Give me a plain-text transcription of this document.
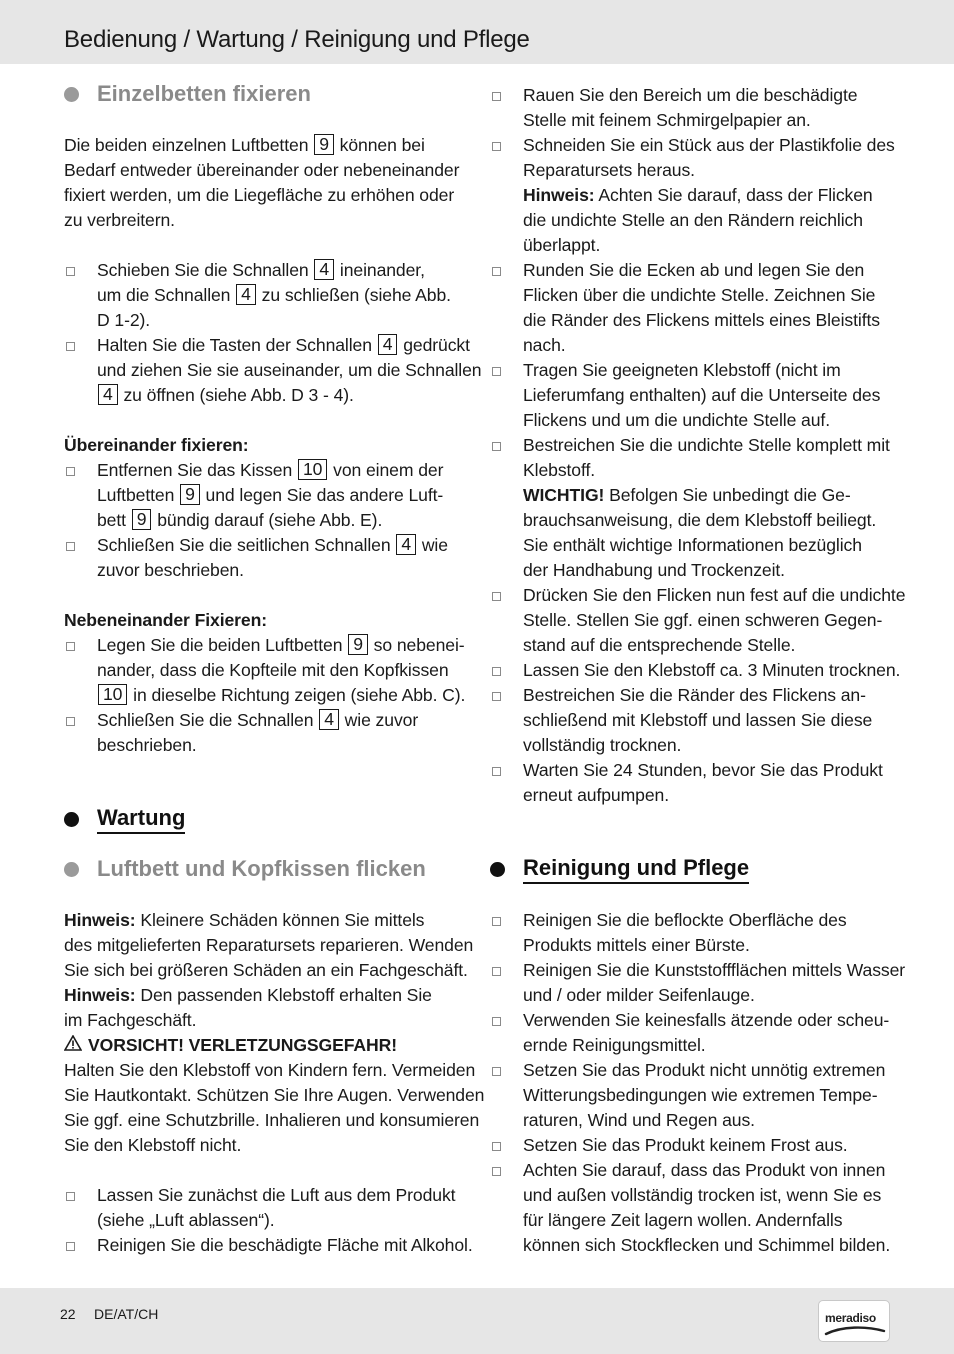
Bedienung / Wartung / Reinigung und Pflege
Einzelbetten fixieren
Die beiden einzelnen Luftbetten 9 können bei
Bedarf entweder übereinander oder nebeneinander
fixiert werden, um die Liegefläche zu erhöhen oder
zu verbreitern.
Schieben Sie die Schnallen 4 ineinander,
um die Schnallen 4 zu schließen (siehe Abb.
D 1-2).
Halten Sie die Tasten der Schnallen 4 gedrückt
und ziehen Sie sie auseinander, um die Schnallen
4 zu öffnen (siehe Abb. D 3 - 4).
Übereinander fixieren:
Entfernen Sie das Kissen 10 von einem der
Luftbetten 9 und legen Sie das andere Luft-
bett 9 bündig darauf (siehe Abb. E).
Schließen Sie die seitlichen Schnallen 4 wie
zuvor beschrieben.
Nebeneinander Fixieren:
Legen Sie die beiden Luftbetten 9 so nebenei-
nander, dass die Kopfteile mit den Kopfkissen
10 in dieselbe Richtung zeigen (siehe Abb. C).
Schließen Sie die Schnallen 4 wie zuvor
beschrieben.
Wartung
Luftbett und Kopfkissen flicken
Hinweis: Kleinere Schäden können Sie mittels
des mitgelieferten Reparatursets reparieren. Wenden
Sie sich bei größeren Schäden an ein Fachgeschäft.
Hinweis: Den passenden Klebstoff erhalten Sie
im Fachgeschäft.
VORSICHT! VERLETZUNGSGEFAHR!
Halten Sie den Klebstoff von Kindern fern. Vermeiden
Sie Hautkontakt. Schützen Sie Ihre Augen. Verwenden
Sie ggf. eine Schutzbrille. Inhalieren und konsumieren
Sie den Klebstoff nicht.
Lassen Sie zunächst die Luft aus dem Produkt
(siehe „Luft ablassen“).
Reinigen Sie die beschädigte Fläche mit Alkohol.
Rauen Sie den Bereich um die beschädigte
Stelle mit feinem Schmirgelpapier an.
Schneiden Sie ein Stück aus der Plastikfolie des
Reparatursets heraus.
Hinweis: Achten Sie darauf, dass der Flicken
die undichte Stelle an den Rändern reichlich
überlappt.
Runden Sie die Ecken ab und legen Sie den
Flicken über die undichte Stelle. Zeichnen Sie
die Ränder des Flickens mittels eines Bleistifts
nach.
Tragen Sie geeigneten Klebstoff (nicht im
Lieferumfang enthalten) auf die Unterseite des
Flickens und um die undichte Stelle auf.
Bestreichen Sie die undichte Stelle komplett mit
Klebstoff.
WICHTIG! Befolgen Sie unbedingt die Ge-
brauchsanweisung, die dem Klebstoff beiliegt.
Sie enthält wichtige Informationen bezüglich
der Handhabung und Trockenzeit.
Drücken Sie den Flicken nun fest auf die undichte
Stelle. Stellen Sie ggf. einen schweren Gegen-
stand auf die entsprechende Stelle.
Lassen Sie den Klebstoff ca. 3 Minuten trocknen.
Bestreichen Sie die Ränder des Flickens an-
schließend mit Klebstoff und lassen Sie diese
vollständig trocknen.
Warten Sie 24 Stunden, bevor Sie das Produkt
erneut aufpumpen.
Reinigung und Pflege
Reinigen Sie die beflockte Oberfläche des
Produkts mittels einer Bürste.
Reinigen Sie die Kunststoffflächen mittels Wasser
und / oder milder Seifenlauge.
Verwenden Sie keinesfalls ätzende oder scheu-
ernde Reinigungsmittel.
Setzen Sie das Produkt nicht unnötig extremen
Witterungsbedingungen wie extremen Tempe-
raturen, Wind und Regen aus.
Setzen Sie das Produkt keinem Frost aus.
Achten Sie darauf, dass das Produkt von innen
und außen vollständig trocken ist, wenn Sie es
für längere Zeit lagern wollen. Andernfalls
können sich Stockflecken und Schimmel bilden.
22 DE/AT/CH	meradiso
